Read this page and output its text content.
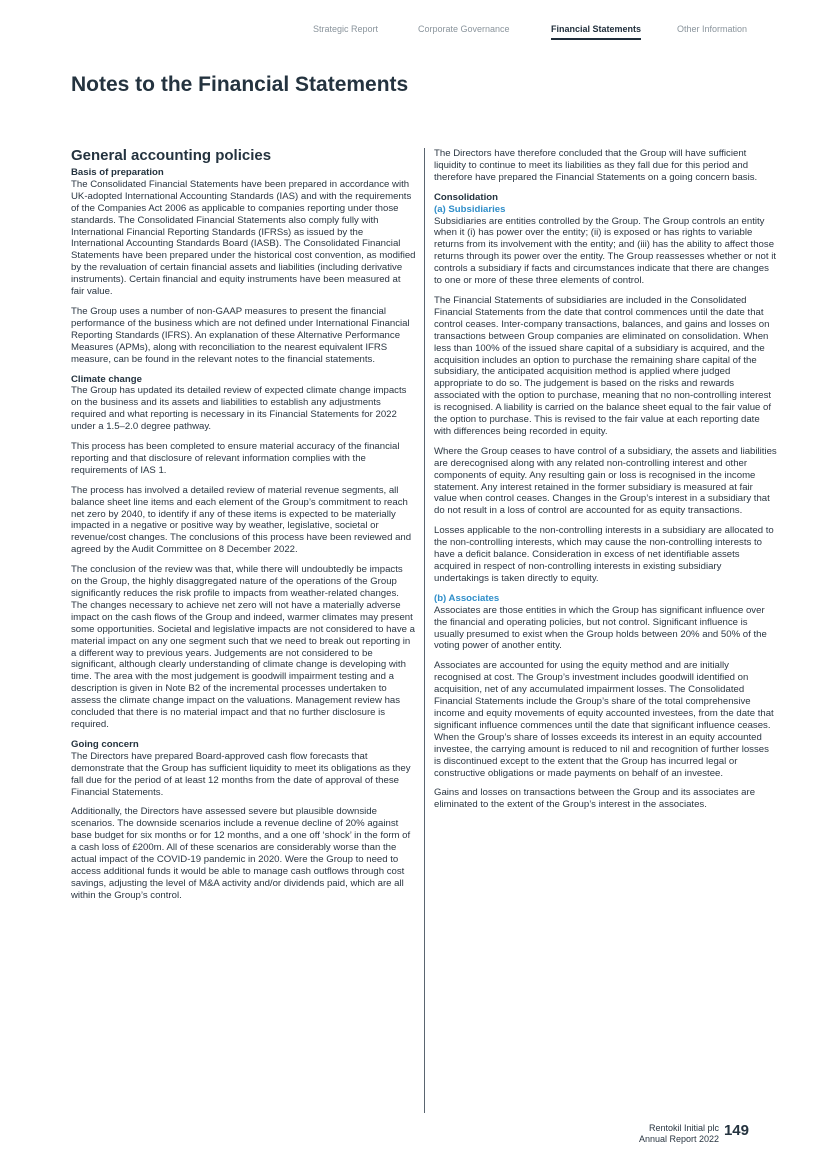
Strategic Report	Corporate Governance	Financial Statements	Other Information
Notes to the Financial Statements
General accounting policies
Basis of preparation

The Consolidated Financial Statements have been prepared in accordance with UK-adopted International Accounting Standards (IAS) and with the requirements of the Companies Act 2006 as applicable to companies reporting under those standards. The Consolidated Financial Statements also comply fully with International Financial Reporting Standards (IFRSs) as issued by the International Accounting Standards Board (IASB). The Consolidated Financial Statements have been prepared under the historical cost convention, as modified by the revaluation of certain financial assets and liabilities (including derivative instruments). Certain financial and equity instruments have been measured at fair value.

The Group uses a number of non-GAAP measures to present the financial performance of the business which are not defined under International Financial Reporting Standards (IFRS). An explanation of these Alternative Performance Measures (APMs), along with reconciliation to the nearest equivalent IFRS measure, can be found in the relevant notes to the financial statements.

Climate change

The Group has updated its detailed review of expected climate change impacts on the business and its assets and liabilities to establish any adjustments required and what reporting is necessary in its Financial Statements for 2022 under a 1.5–2.0 degree pathway.

This process has been completed to ensure material accuracy of the financial reporting and that disclosure of relevant information complies with the requirements of IAS 1.

The process has involved a detailed review of material revenue segments, all balance sheet line items and each element of the Group’s commitment to reach net zero by 2040, to identify if any of these items is expected to be materially impacted in a negative or positive way by weather, legislative, societal or revenue/cost changes. The conclusions of this process have been reviewed and agreed by the Audit Committee on 8 December 2022.

The conclusion of the review was that, while there will undoubtedly be impacts on the Group, the highly disaggregated nature of the operations of the Group significantly reduces the risk profile to impacts from weather-related changes. The changes necessary to achieve net zero will not have a materially adverse impact on the cash flows of the Group and indeed, warmer climates may present some opportunities. Societal and legislative impacts are not considered to have a material impact on any one segment such that we need to break out reporting in a different way to previous years. Judgements are not considered to be significant, although clearly understanding of climate change is developing with time. The area with the most judgement is goodwill impairment testing and a description is given in Note B2 of the incremental processes undertaken to assess the climate change impact on the valuations. Management review has concluded that there is no material impact and that no further disclosure is required.

Going concern

The Directors have prepared Board-approved cash flow forecasts that demonstrate that the Group has sufficient liquidity to meet its obligations as they fall due for the period of at least 12 months from the date of approval of these Financial Statements.

Additionally, the Directors have assessed severe but plausible downside scenarios. The downside scenarios include a revenue decline of 20% against base budget for six months or for 12 months, and a one off ‘shock’ in the form of a cash loss of £200m. All of these scenarios are considerably worse than the actual impact of the COVID-19 pandemic in 2020. Were the Group to need to access additional funds it would be able to manage cash outflows through cost savings, adjusting the level of M&A activity and/or dividends paid, which are all within the Group’s control.

The Directors have therefore concluded that the Group will have sufficient liquidity to continue to meet its liabilities as they fall due for this period and therefore have prepared the Financial Statements on a going concern basis.

Consolidation
(a) Subsidiaries

Subsidiaries are entities controlled by the Group. The Group controls an entity when it (i) has power over the entity; (ii) is exposed or has rights to variable returns from its involvement with the entity; and (iii) has the ability to affect those returns through its power over the entity. The Group reassesses whether or not it controls a subsidiary if facts and circumstances indicate that there are changes to one or more of these three elements of control.

The Financial Statements of subsidiaries are included in the Consolidated Financial Statements from the date that control commences until the date that control ceases. Inter-company transactions, balances, and gains and losses on transactions between Group companies are eliminated on consolidation. When less than 100% of the issued share capital of a subsidiary is acquired, and the acquisition includes an option to purchase the remaining share capital of the subsidiary, the anticipated acquisition method is applied where judged appropriate to do so. The judgement is based on the risks and rewards associated with the option to purchase, meaning that no non-controlling interest is recognised. A liability is carried on the balance sheet equal to the fair value of the option to purchase. This is revised to the fair value at each reporting date with differences being recorded in equity.

Where the Group ceases to have control of a subsidiary, the assets and liabilities are derecognised along with any related non-controlling interest and other components of equity. Any resulting gain or loss is recognised in the income statement. Any interest retained in the former subsidiary is measured at fair value when control ceases. Changes in the Group’s interest in a subsidiary that do not result in a loss of control are accounted for as equity transactions.

Losses applicable to the non-controlling interests in a subsidiary are allocated to the non-controlling interests, which may cause the non-controlling interests to have a deficit balance. Consideration in excess of net identifiable assets acquired in respect of non-controlling interests in existing subsidiary undertakings is taken directly to equity.

(b) Associates

Associates are those entities in which the Group has significant influence over the financial and operating policies, but not control. Significant influence is usually presumed to exist when the Group holds between 20% and 50% of the voting power of another entity.

Associates are accounted for using the equity method and are initially recognised at cost. The Group’s investment includes goodwill identified on acquisition, net of any accumulated impairment losses. The Consolidated Financial Statements include the Group’s share of the total comprehensive income and equity movements of equity accounted investees, from the date that significant influence commences until the date that significant influence ceases. When the Group’s share of losses exceeds its interest in an equity accounted investee, the carrying amount is reduced to nil and recognition of further losses is discontinued except to the extent that the Group has incurred legal or constructive obligations or made payments on behalf of an investee.

Gains and losses on transactions between the Group and its associates are eliminated to the extent of the Group’s interest in the associates.

Rentokil Initial plc
Annual Report 2022 149
